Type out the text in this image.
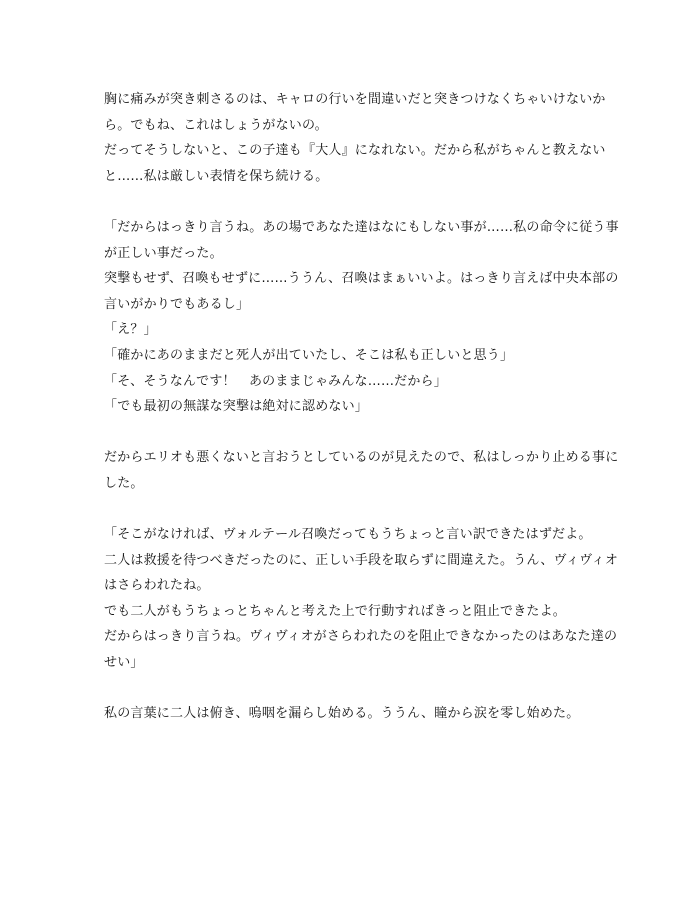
胸に痛みが突き刺さるのは、キャロの行いを間違いだと突きつけなくちゃいけないか
ら。でもね、これはしょうがないの。
だってそうしないと、この子達も『大人』になれない。だから私がちゃんと教えない
と……私は厳しい表情を保ち続ける。

「だからはっきり言うね。あの場であなた達はなにもしない事が……私の命令に従う事
が正しい事だった。
突撃もせず、召喚もせずに……ううん、召喚はまぁいいよ。はっきり言えば中央本部の
言いがかりでもあるし」
「え？」
「確かにあのままだと死人が出ていたし、そこは私も正しいと思う」
「そ、そうなんです！　あのままじゃみんな……だから」
「でも最初の無謀な突撃は絶対に認めない」

だからエリオも悪くないと言おうとしているのが見えたので、私はしっかり止める事に
した。

「そこがなければ、ヴォルテール召喚だってもうちょっと言い訳できたはずだよ。
二人は救援を待つべきだったのに、正しい手段を取らずに間違えた。うん、ヴィヴィオ
はさらわれたね。
でも二人がもうちょっとちゃんと考えた上で行動すればきっと阻止できたよ。
だからはっきり言うね。ヴィヴィオがさらわれたのを阻止できなかったのはあなた達の
せい」

私の言葉に二人は俯き、嗚咽を漏らし始める。ううん、瞳から涙を零し始めた。
